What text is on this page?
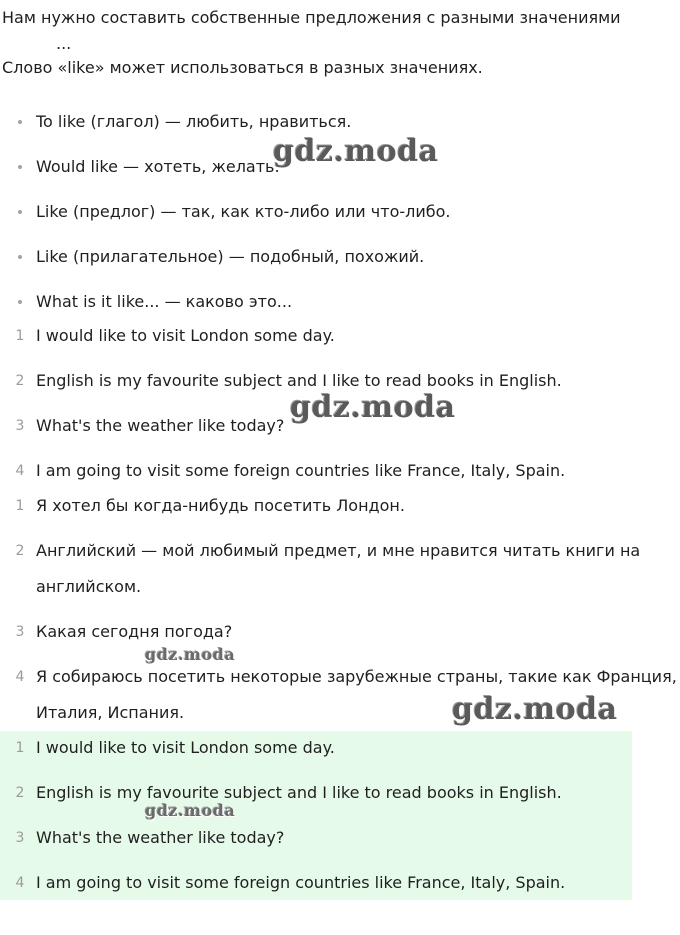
Нам нужно составить собственные предложения с разными значениями
...
Слово «like» может использоваться в разных значениях.
To like (глагол) — любить, нравиться.
Would like — хотеть, желать.
Like (предлог) — так, как кто-либо или что-либо.
Like (прилагательное) — подобный, похожий.
What is it like... — каково это...
1 I would like to visit London some day.
2 English is my favourite subject and I like to read books in English.
3 What's the weather like today?
4 I am going to visit some foreign countries like France, Italy, Spain.
1 Я хотел бы когда-нибудь посетить Лондон.
2 Английский — мой любимый предмет, и мне нравится читать книги на
английском.
3 Какая сегодня погода?
4 Я собираюсь посетить некоторые зарубежные страны, такие как Франция,
Италия, Испания.
1 I would like to visit London some day.
2 English is my favourite subject and I like to read books in English.
3 What's the weather like today?
4 I am going to visit some foreign countries like France, Italy, Spain.
gdz.moda
gdz.moda
gdz.moda
gdz.moda
gdz.moda
